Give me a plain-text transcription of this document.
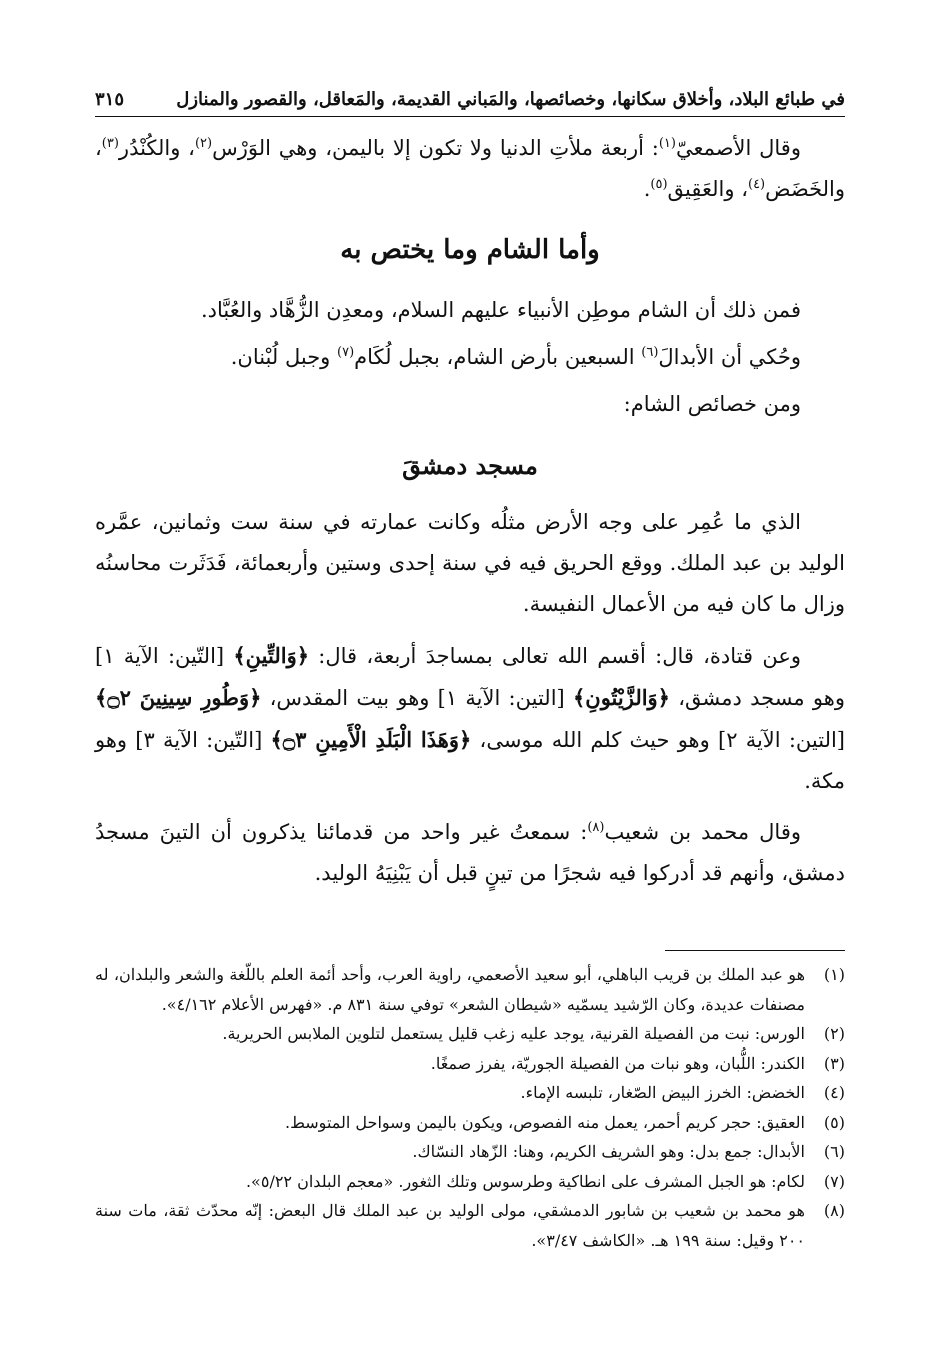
في طبائع البلاد، وأخلاق سكانها، وخصائصها، والمَباني القديمة، والمَعاقل، والقصور والمنازل
٣١٥

وقال الأصمعيّ$^{(١)}$: أربعة ملأتِ الدنيا ولا تكون إلا باليمن، وهي الوَرْس$^{(٢)}$، والكُنْدُر$^{(٣)}$، والخَضَض$^{(٤)}$، والعَقِيق$^{(٥)}$.

وأما الشام وما يختص به

فمن ذلك أن الشام موطِن الأنبياء عليهم السلام، ومعدِن الزُّهَّاد والعُبَّاد.

وحُكي أن الأبدالَ$^{(٦)}$ السبعين بأرض الشام، بجبل لُكَام$^{(٧)}$ وجبل لُبْنان.

ومن خصائص الشام:

مسجد دمشقَ

الذي ما عُمِر على وجه الأرض مثلُه وكانت عمارته في سنة ست وثمانين، عمَّره الوليد بن عبد الملك. ووقع الحريق فيه في سنة إحدى وستين وأربعمائة، فَدَثَرت محاسنُه وزال ما كان فيه من الأعمال النفيسة.

وعن قتادة، قال: أقسم الله تعالى بمساجدَ أربعة، قال: ﴿وَالتِّينِ﴾ [التّين: الآية ١] وهو مسجد دمشق، ﴿وَالزَّيْتُونِ﴾ [التين: الآية ١] وهو بيت المقدس، ﴿وَطُورِ سِينِينَ ۝٢﴾ [التين: الآية ٢] وهو حيث كلم الله موسى، ﴿وَهَذَا الْبَلَدِ الْأَمِينِ ۝٣﴾ [التّين: الآية ٣] وهو مكة.

وقال محمد بن شعيب$^{(٨)}$: سمعتُ غير واحد من قدمائنا يذكرون أن التينَ مسجدُ دمشق، وأنهم قد أدركوا فيه شجرًا من تينٍ قبل أن يَبْنِيَهُ الوليد.

(١)
هو عبد الملك بن قريب الباهلي، أبو سعيد الأصعمي، راوية العرب، وأحد أئمة العلم باللّغة والشعر والبلدان، له مصنفات عديدة، وكان الرّشيد يسمّيه «شيطان الشعر» توفي سنة ٨٣١ م. «فهرس الأعلام ٤/١٦٢».
(٢)
الورس: نبت من الفصيلة القرنية، يوجد عليه زغب قليل يستعمل لتلوين الملابس الحريرية.
(٣)
الكندر: اللُّبان، وهو نبات من الفصيلة الجوريّة، يفرز صمغًا.
(٤)
الخضض: الخرز البيض الصّغار، تلبسه الإماء.
(٥)
العقيق: حجر كريم أحمر، يعمل منه الفصوص، ويكون باليمن وسواحل المتوسط.
(٦)
الأبدال: جمع بدل: وهو الشريف الكريم، وهنا: الزّهاد النسّاك.
(٧)
لكام: هو الجبل المشرف على انطاكية وطرسوس وتلك الثغور. «معجم البلدان ٥/٢٢».
(٨)
هو محمد بن شعيب بن شابور الدمشقي، مولى الوليد بن عبد الملك قال البعض: إنّه محدّث ثقة، مات سنة ٢٠٠ وقيل: سنة ١٩٩ هـ. «الكاشف ٣/٤٧».
